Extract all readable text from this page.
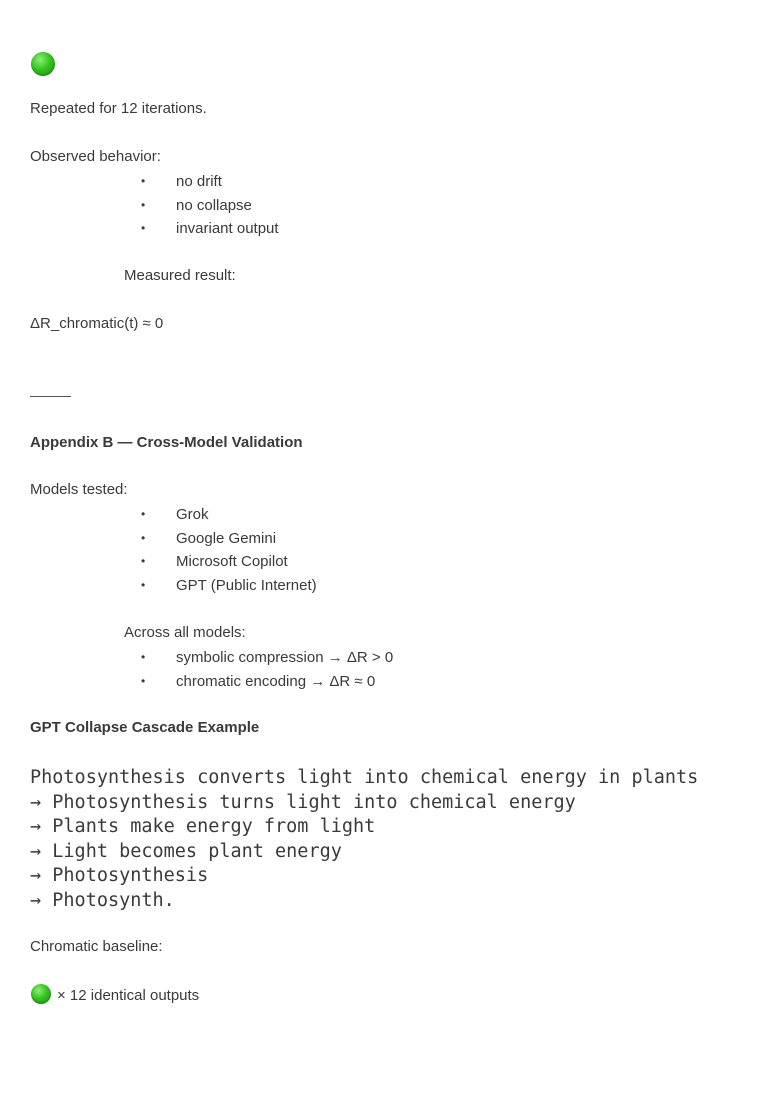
Repeated for 12 iterations.
Observed behavior:
• no drift
• no collapse
• invariant output
Measured result:
ΔR_chromatic(t) ≈ 0
Appendix B — Cross-Model Validation
Models tested:
• Grok
• Google Gemini
• Microsoft Copilot
• GPT (Public Internet)
Across all models:
• symbolic compression → ΔR > 0
• chromatic encoding → ΔR ≈ 0
GPT Collapse Cascade Example
Photosynthesis converts light into chemical energy in plants
→ Photosynthesis turns light into chemical energy
→ Plants make energy from light
→ Light becomes plant energy
→ Photosynthesis
→ Photosynth.
Chromatic baseline:
× 12 identical outputs
